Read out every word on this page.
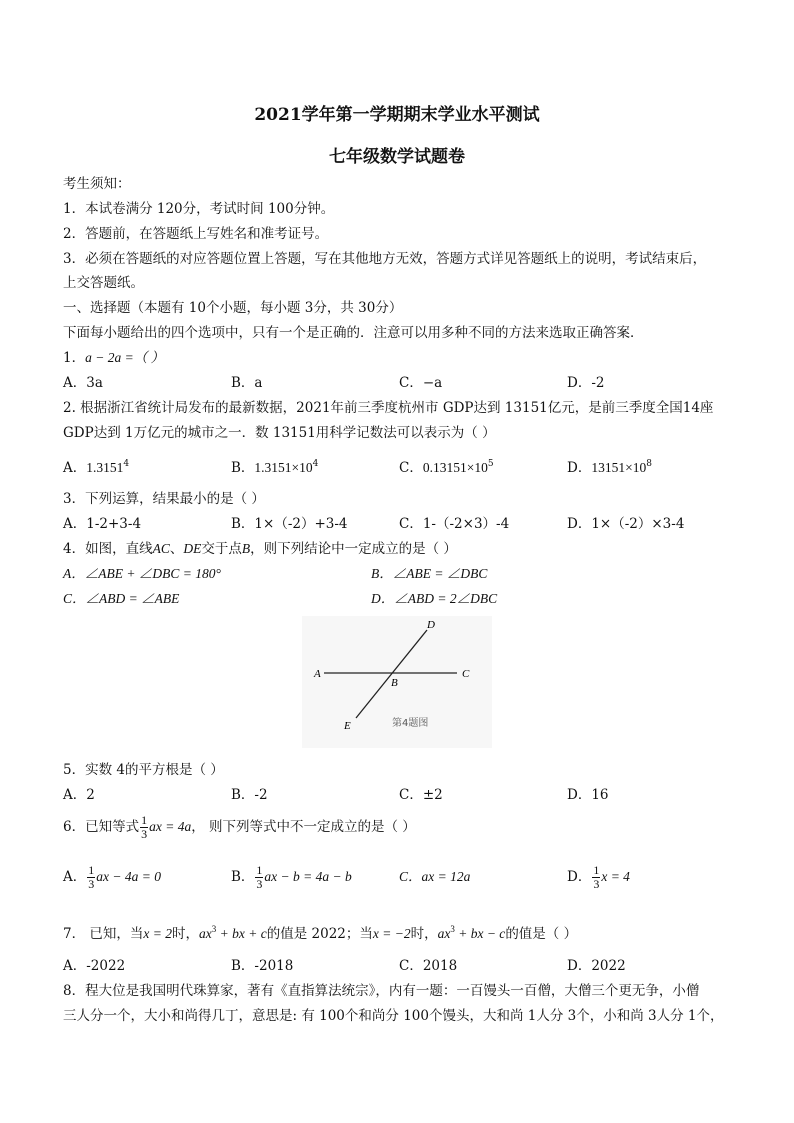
2021学年第一学期期末学业水平测试
七年级数学试题卷
考生须知：
1．本试卷满分 120分，考试时间 100分钟。
2．答题前，在答题纸上写姓名和准考证号。
3．必须在答题纸的对应答题位置上答题，写在其他地方无效，答题方式详见答题纸上的说明，考试结束后，
上交答题纸。
一、选择题（本题有 10个小题，每小题 3分，共 30分）
下面每小题给出的四个选项中，只有一个是正确的．注意可以用多种不同的方法来选取正确答案．
1．a − 2a =（ ）
A．3a	B．a	C．−a	D．-2
2. 根据浙江省统计局发布的最新数据，2021年前三季度杭州市 GDP达到 13151亿元，是前三季度全国14座
GDP达到 1万亿元的城市之一．数 13151用科学记数法可以表示为（ ）
A．1.3151$^4$	B．$1.3151\times 10^4$	C．$0.13151\times 10^5$	D．$13151\times 10^8$
3．下列运算，结果最小的是（ ）
A．1-2+3-4	B．1×（-2）+3-4	C．1-（-2×3）-4	D．1×（-2）×3-4
4．如图，直线AC、DE交于点B，则下列结论中一定成立的是（ ）
A．∠ABE + ∠DBC = 180°	B．∠ABE = ∠DBC
C．∠ABD = ∠ABE	D．∠ABD = 2∠DBC
A
B
C
D
E	第4题图
5．实数 4的平方根是（ ）
A．2	B．-2	C．±2	D．16
6．已知等式 $\frac{1}{3}$ ax = 4a， 则下列等式中不一定成立的是（ ）
A． $\frac{1}{3}$ ax − 4a = 0	B． $\frac{1}{3}$ ax − b = 4a − b	C．ax = 12a	D． $\frac{1}{3}$ x = 4
7． 已知，当x = 2时，$ax^3$ + bx + c的值是 2022；当x = −2时，$ax^3$ + bx − c的值是（ ）
A．-2022	B．-2018	C．2018	D．2022
8．程大位是我国明代珠算家，著有《直指算法统宗》，内有一题：一百馒头一百僧，大僧三个更无争，小僧
三人分一个，大小和尚得几丁，意思是: 有 100个和尚分 100个馒头，大和尚 1人分 3个，小和尚 3人分 1个，
